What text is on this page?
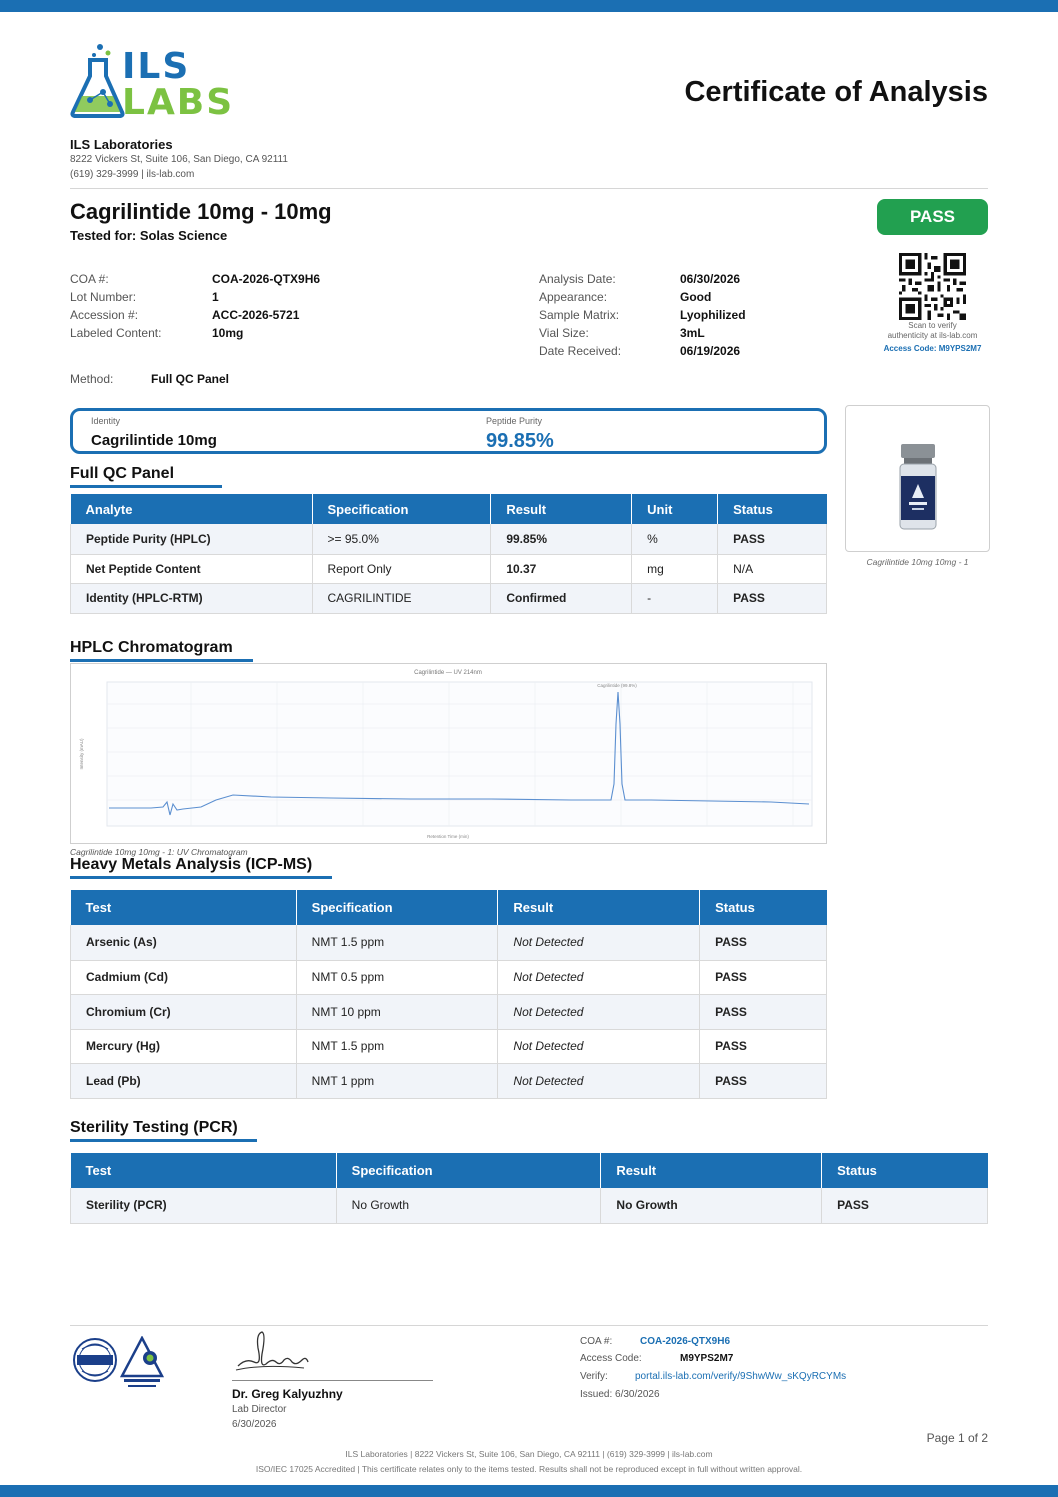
ILS
LABS	Certificate of Analysis
ILS Laboratories
8222 Vickers St, Suite 106, San Diego, CA 92111
(619) 329-3999 | ils-lab.com
Cagrilintide 10mg - 10mg
Tested for: Solas Science
PASS
COA #:	COA-2026-QTX9H6
Lot Number:	1
Accession #:	ACC-2026-5721
Labeled Content:	10mg
Analysis Date:	06/30/2026
Appearance:	Good
Sample Matrix:	Lyophilized
Vial Size:	3mL
Date Received:	06/19/2026
Scan to verify
authenticity at ils-lab.com
Access Code: M9YPS2M7
Method:	Full QC Panel
Identity
Cagrilintide 10mg
Peptide Purity
99.85%
Cagrilintide 10mg 10mg - 1
Full QC Panel
Analyte	Specification	Result	Unit	Status
Peptide Purity (HPLC)	>= 95.0%	99.85%	%	PASS
Net Peptide Content	Report Only	10.37	mg	N/A
Identity (HPLC-RTM)	CAGRILINTIDE	Confirmed	-	PASS
HPLC Chromatogram
Cagrilintide — UV 214nm
Cagrilintide (99.8%)
Retention Time (min)
Intensity (mAU)
Cagrilintide 10mg 10mg - 1: UV Chromatogram
Heavy Metals Analysis (ICP-MS)
Test	Specification	Result	Status
Arsenic (As)	NMT 1.5 ppm	Not Detected	PASS
Cadmium (Cd)	NMT 0.5 ppm	Not Detected	PASS
Chromium (Cr)	NMT 10 ppm	Not Detected	PASS
Mercury (Hg)	NMT 1.5 ppm	Not Detected	PASS
Lead (Pb)	NMT 1 ppm	Not Detected	PASS
Sterility Testing (PCR)
Test	Specification	Result	Status
Sterility (PCR)	No Growth	No Growth	PASS
Dr. Greg Kalyuzhny
Lab Director
6/30/2026
COA #:	COA-2026-QTX9H6
Access Code:	M9YPS2M7
Verify:	portal.ils-lab.com/verify/9ShwWw_sKQyRCYMs
Issued: 6/30/2026
Page 1 of 2
ILS Laboratories | 8222 Vickers St, Suite 106, San Diego, CA 92111 | (619) 329-3999 | ils-lab.com
ISO/IEC 17025 Accredited | This certificate relates only to the items tested. Results shall not be reproduced except in full without written approval.
